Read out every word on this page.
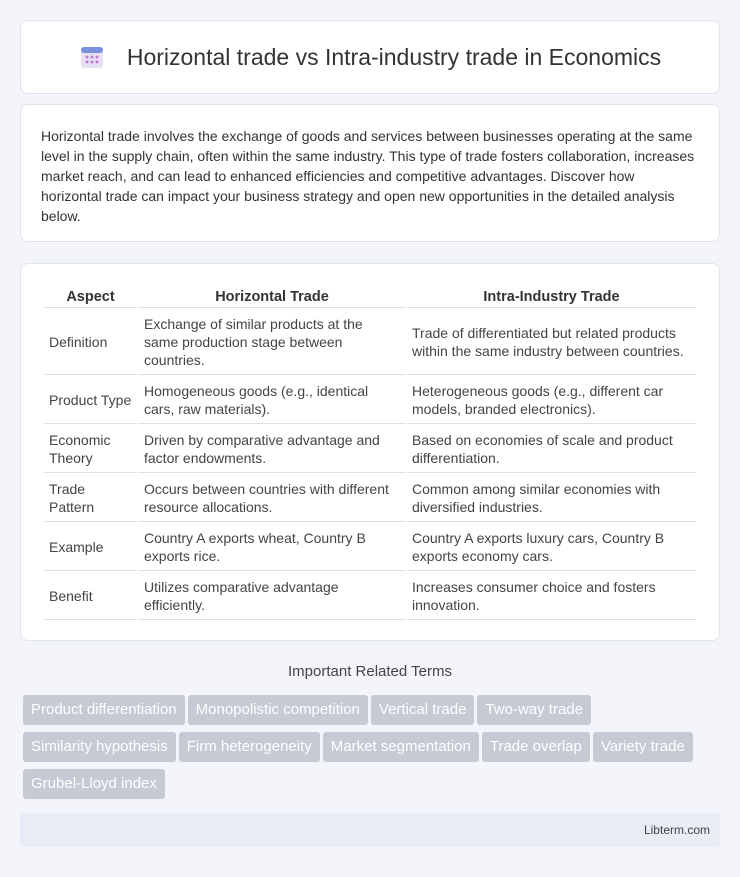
Horizontal trade vs Intra-industry trade in Economics

Horizontal trade involves the exchange of goods and services between businesses operating at the same level in the supply chain, often within the same industry. This type of trade fosters collaboration, increases market reach, and can lead to enhanced efficiencies and competitive advantages. Discover how horizontal trade can impact your business strategy and open new opportunities in the detailed analysis below.

Aspect	Horizontal Trade	Intra-Industry Trade
Definition	Exchange of similar products at the same production stage between countries.	Trade of differentiated but related products within the same industry between countries.
Product Type	Homogeneous goods (e.g., identical cars, raw materials).	Heterogeneous goods (e.g., different car models, branded electronics).
Economic Theory	Driven by comparative advantage and factor endowments.	Based on economies of scale and product differentiation.
Trade Pattern	Occurs between countries with different resource allocations.	Common among similar economies with diversified industries.
Example	Country A exports wheat, Country B exports rice.	Country A exports luxury cars, Country B exports economy cars.
Benefit	Utilizes comparative advantage efficiently.	Increases consumer choice and fosters innovation.
Important Related Terms
Product differentiation Monopolistic competition Vertical trade Two-way tradeSimilarity hypothesis Firm heterogeneity Market segmentation Trade overlap Variety tradeGrubel-Lloyd index
Libterm.com
